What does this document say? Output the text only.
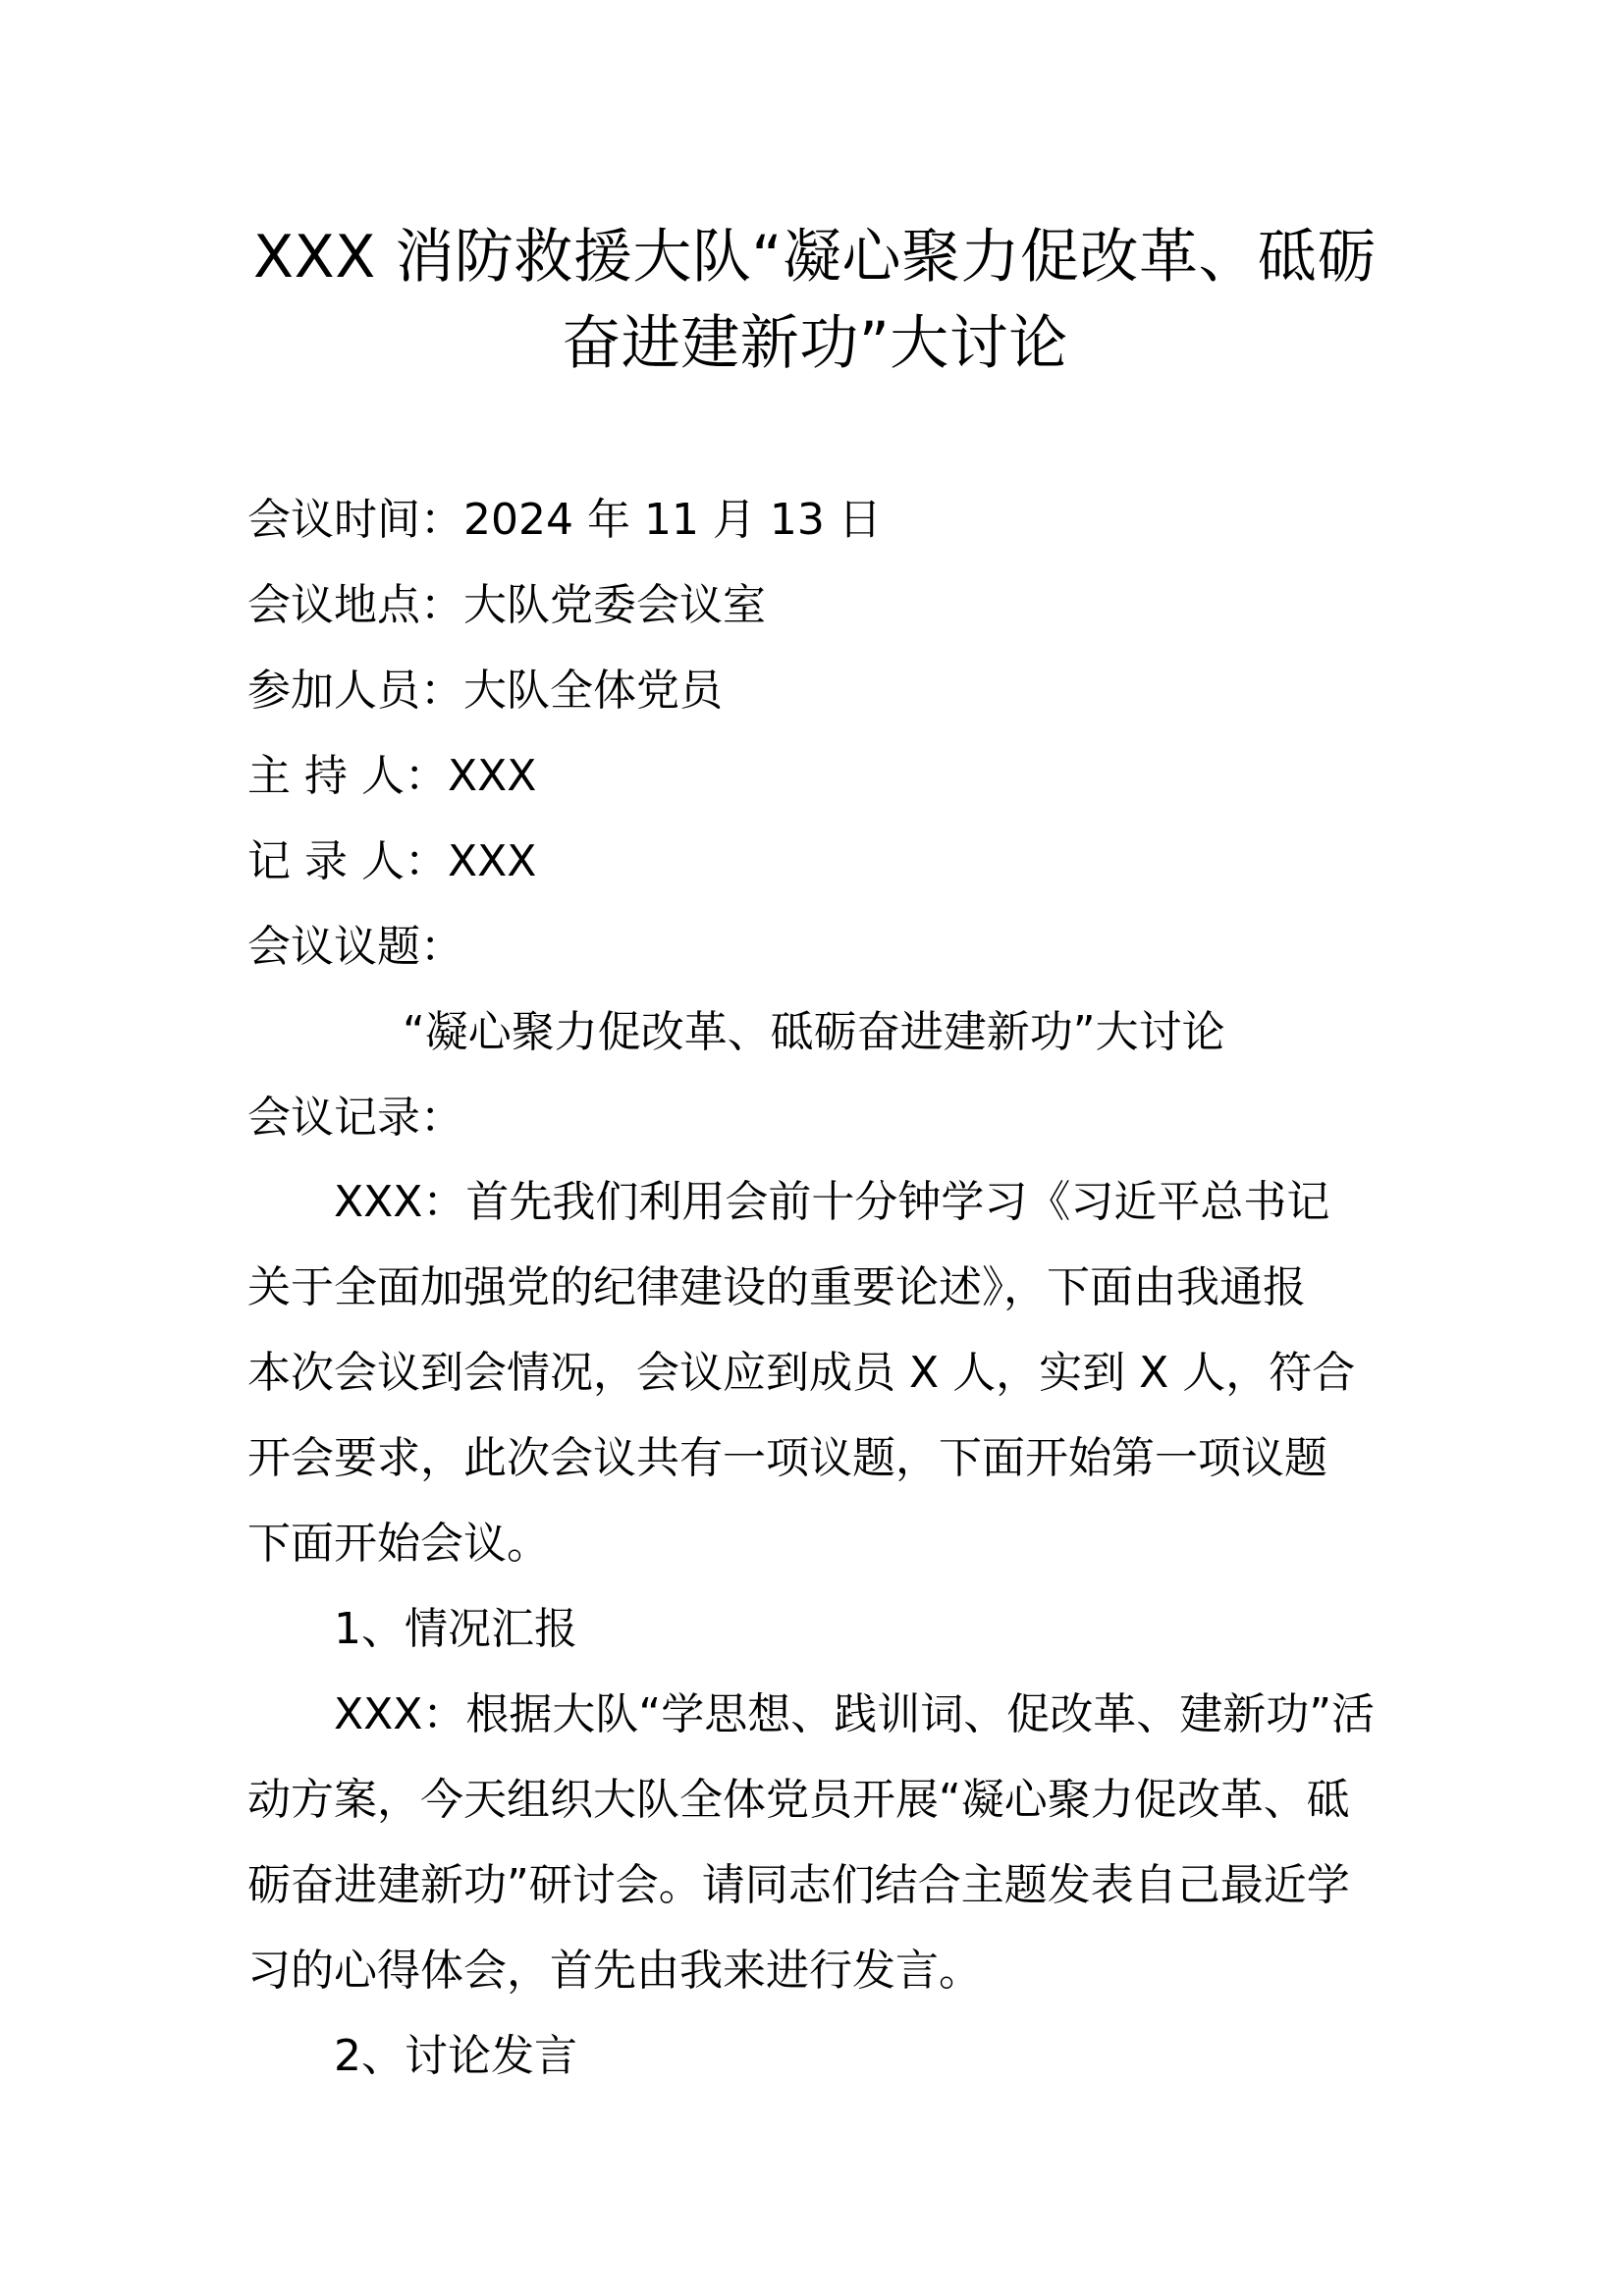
XXX 消防救援大队“凝心聚力促改革、砥砺
奋进建新功”大讨论
会议时间：2024 年 11 月 13 日
会议地点：大队党委会议室
参加人员：大队全体党员
主 持 人：XXX
记 录 人：XXX
会议议题：
“凝心聚力促改革、砥砺奋进建新功”大讨论
会议记录：
XXX：首先我们利用会前十分钟学习《习近平总书记
关于全面加强党的纪律建设的重要论述》，下面由我通报
本次会议到会情况，会议应到成员 X 人，实到 X 人，符合
开会要求，此次会议共有一项议题，下面开始第一项议题
下面开始会议。
1、情况汇报
XXX：根据大队“学思想、践训词、促改革、建新功”活
动方案，今天组织大队全体党员开展“凝心聚力促改革、砥
砺奋进建新功”研讨会。请同志们结合主题发表自己最近学
习的心得体会，首先由我来进行发言。
2、讨论发言
